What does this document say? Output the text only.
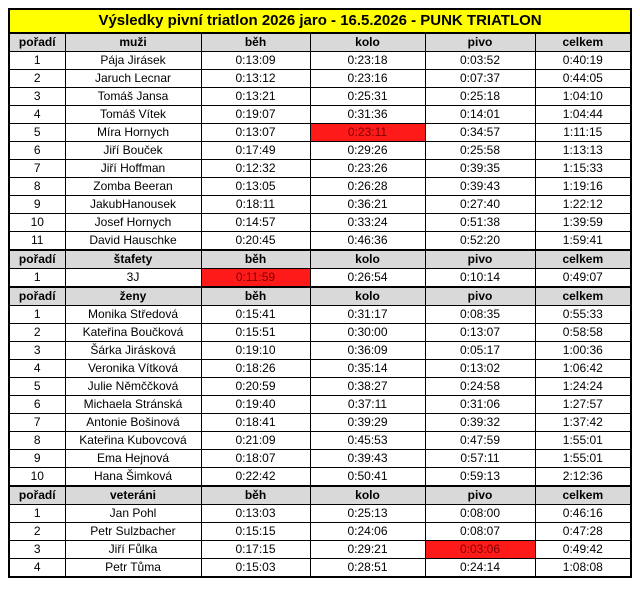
Výsledky pivní triatlon 2026 jaro - 16.5.2026 - PUNK TRIATLON					
pořadí	muži	běh	kolo	pivo	celkem
1	Pája Jirásek	0:13:09	0:23:18	0:03:52	0:40:19
2	Jaruch Lecnar	0:13:12	0:23:16	0:07:37	0:44:05
3	Tomáš Jansa	0:13:21	0:25:31	0:25:18	1:04:10
4	Tomáš Vítek	0:19:07	0:31:36	0:14:01	1:04:44
5	Míra Hornych	0:13:07	0:23:11	0:34:57	1:11:15
6	Jiří Bouček	0:17:49	0:29:26	0:25:58	1:13:13
7	Jiří Hoffman	0:12:32	0:23:26	0:39:35	1:15:33
8	Zomba Beeran	0:13:05	0:26:28	0:39:43	1:19:16
9	JakubHanousek	0:18:11	0:36:21	0:27:40	1:22:12
10	Josef Hornych	0:14:57	0:33:24	0:51:38	1:39:59
11	David Hauschke	0:20:45	0:46:36	0:52:20	1:59:41
pořadí	štafety	běh	kolo	pivo	celkem
1	3J	0:11:59	0:26:54	0:10:14	0:49:07
pořadí	ženy	běh	kolo	pivo	celkem
1	Monika Středová	0:15:41	0:31:17	0:08:35	0:55:33
2	Kateřina Boučková	0:15:51	0:30:00	0:13:07	0:58:58
3	Šárka Jirásková	0:19:10	0:36:09	0:05:17	1:00:36
4	Veronika Vítková	0:18:26	0:35:14	0:13:02	1:06:42
5	Julie Němččková	0:20:59	0:38:27	0:24:58	1:24:24
6	Michaela Stránská	0:19:40	0:37:11	0:31:06	1:27:57
7	Antonie Bošinová	0:18:41	0:39:29	0:39:32	1:37:42
8	Kateřina Kubovcová	0:21:09	0:45:53	0:47:59	1:55:01
9	Ema Hejnová	0:18:07	0:39:43	0:57:11	1:55:01
10	Hana Šimková	0:22:42	0:50:41	0:59:13	2:12:36
pořadí	veteráni	běh	kolo	pivo	celkem
1	Jan Pohl	0:13:03	0:25:13	0:08:00	0:46:16
2	Petr Sulzbacher	0:15:15	0:24:06	0:08:07	0:47:28
3	Jiří Fůlka	0:17:15	0:29:21	0:03:06	0:49:42
4	Petr Tůma	0:15:03	0:28:51	0:24:14	1:08:08
